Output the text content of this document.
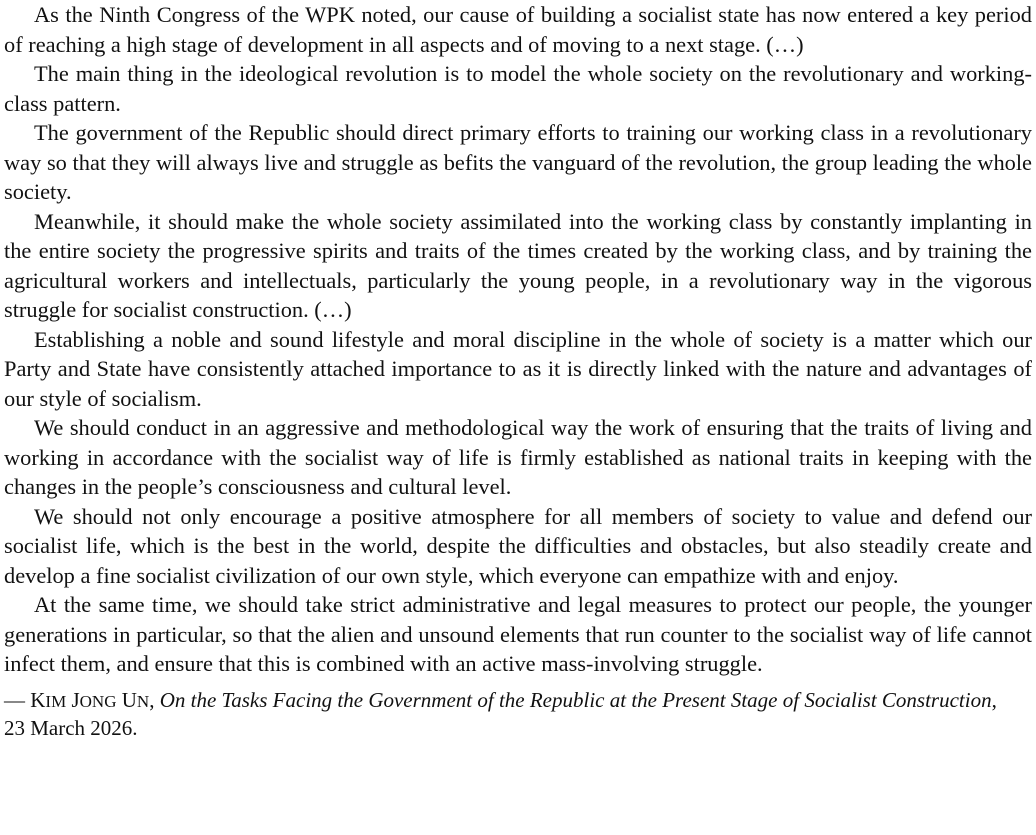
As the Ninth Congress of the WPK noted, our cause of building a socialist state has now entered a key period of reaching a high stage of development in all aspects and of moving to a next stage. (…)

The main thing in the ideological revolution is to model the whole society on the revolutionary and working-class pattern.

The government of the Republic should direct primary efforts to training our working class in a revolutionary way so that they will always live and struggle as befits the vanguard of the revolution, the group leading the whole society.

Meanwhile, it should make the whole society assimilated into the working class by constantly implanting in the entire society the progressive spirits and traits of the times created by the working class, and by training the agricultural workers and intellectuals, particularly the young people, in a revolutionary way in the vigorous struggle for socialist construction. (…)

Establishing a noble and sound lifestyle and moral discipline in the whole of society is a matter which our Party and State have consistently attached importance to as it is directly linked with the nature and advantages of our style of socialism.

We should conduct in an aggressive and methodological way the work of ensuring that the traits of living and working in accordance with the socialist way of life is firmly established as national traits in keeping with the changes in the people’s consciousness and cultural level.

We should not only encourage a positive atmosphere for all members of society to value and defend our socialist life, which is the best in the world, despite the difficulties and obstacles, but also steadily create and develop a fine socialist civilization of our own style, which everyone can empathize with and enjoy.

At the same time, we should take strict administrative and legal measures to protect our people, the younger generations in particular, so that the alien and unsound elements that run counter to the socialist way of life cannot infect them, and ensure that this is combined with an active mass-involving struggle.

— KIM JONG UN, On the Tasks Facing the Government of the Republic at the Present Stage of Socialist Construction, 23 March 2026.
